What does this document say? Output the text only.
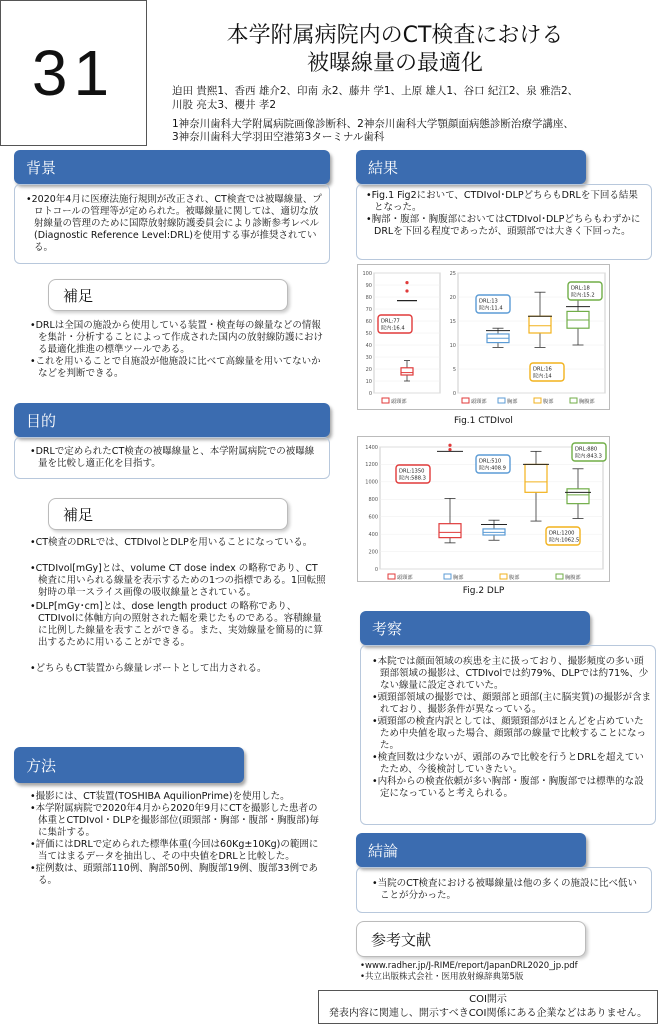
31
本学附属病院内のCT検査における
被曝線量の最適化
迫田 貴熙1、香西 雄介2、印南 永2、藤井 学1、上原 雄人1、谷口 紀江2、泉 雅浩2、
川股 亮太3、櫻井 孝2
1神奈川歯科大学附属病院画像診断科、2神奈川歯科大学顎顔面病態診断治療学講座、
3神奈川歯科大学羽田空港第3ターミナル歯科
背景

•2020年4月に医療法施行規則が改正され、CT検査では被曝線量、プロトコールの管理等が定められた。被曝線量に関しては、適切な放射線量の管理のために国際放射線防護委員会により診断参考レベル(Diagnostic Reference Level:DRL)を使用する事が推奨されている。

補足

•DRLは全国の施設から使用している装置・検査毎の線量などの情報を集計・分析することによって作成された国内の放射線防護における最適化推進の標準ツールである。

•これを用いることで自施設が他施設に比べて高線量を用いてないかなどを判断できる。

目的

•DRLで定められたCT検査の被曝線量と、本学附属病院での被曝線量を比較し適正化を目指す。

補足

•CT検査のDRLでは、CTDIvolとDLPを用いることになっている。

•CTDIvol[mGy]とは、volume CT dose index の略称であり、CT検査に用いられる線量を表示するための1つの指標である。1回転照射時の単一スライス画像の吸収線量とされている。

•DLP[mGy･cm]とは、dose length product の略称であり、CTDIvolに体軸方向の照射された幅を乗じたものである。容積線量に比例した線量を表すことができる。また、実効線量を簡易的に算出するために用いることができる。

•どちらもCT装置から線量レポートとして出力される。

方法

•撮影には、CT装置(TOSHIBA AquilionPrime)を使用した。

•本学附属病院で2020年4月から2020年9月にCTを撮影した患者の体重とCTDIvol・DLPを撮影部位(頭頸部・胸部・腹部・胸腹部)毎に集計する。

•評価にはDRLで定められた標準体重(今回は60Kg±10Kg)の範囲に当てはまるデータを抽出し、その中央値をDRLと比較した。

•症例数は、頭頸部110例、胸部50例、胸腹部19例、腹部33例である。

結果

•Fig.1 Fig2において、CTDIvol･DLPどちらもDRLを下回る結果となった。

•胸部・腹部・胸腹部においてはCTDIvol･DLPどちらもわずかにDRLを下回る程度であったが、頭頸部では大きく下回った。

100
90
80
70
60
50
40
30
20
10
0
DRL:77
院内:16.4
頭頸部
25
20
15
10
5
0
DRL:13
院内:11.4
DRL:16
院内:14
DRL:18
院内:15.2
頭頸部	胸部	腹部	胸腹部
Fig.1 CTDIvol
1400
1200
1000
800
600
400
200
0
DRL:1350
院内:588.3
DRL:510
院内:408.9
DRL:1200
院内:1062.5
DRL:880
院内:843.3
頭頸部	胸部	腹部	胸腹部
Fig.2 DLP
考察

•本院では顔面領域の疾患を主に扱っており、撮影頻度の多い頭頸部領域の撮影は、CTDIvolでは約79%、DLPでは約71%、少ない線量に設定されていた。

•頭頸部領域の撮影では、顔頸部と頭部(主に脳実質)の撮影が含まれており、撮影条件が異なっている。

•頭頸部の検査内訳としては、顔頸頸部がほとんどを占めていたため中央値を取った場合、顔頸部の線量で比較することになった。

•検査回数は少ないが、頭部のみで比較を行うとDRLを超えていたため、今後検討していきたい。

•内科からの検査依頼が多い胸部・腹部・胸腹部では標準的な設定になっていると考えられる。

結論

•当院のCT検査における被曝線量は他の多くの施設に比べ低いことが分かった。

参考文献

•www.radher.jp/J-RIME/report/JapanDRL2020_jp.pdf

•共立出版株式会社・医用放射線辞典第5版

COI開示
発表内容に関連し、開示すべきCOI関係にある企業などはありません。
